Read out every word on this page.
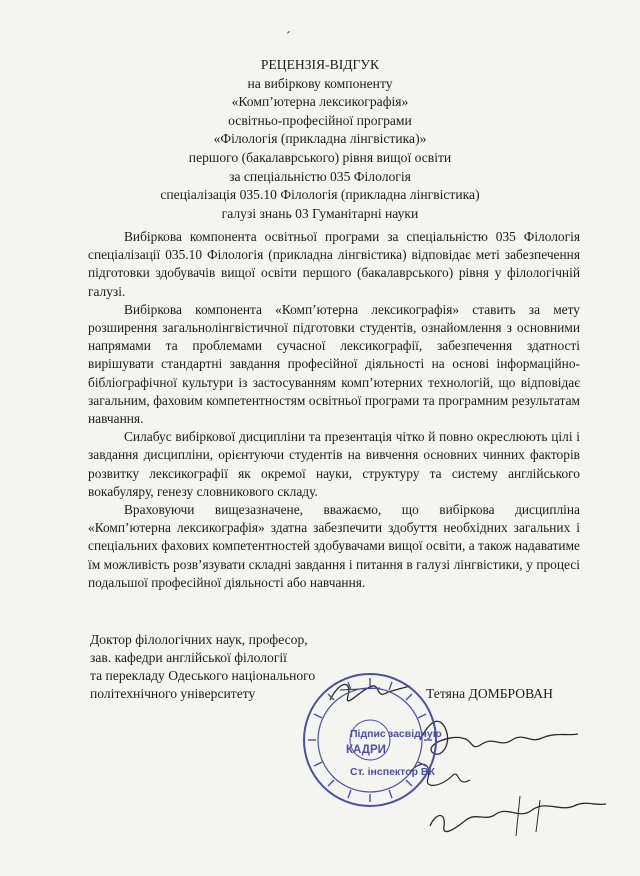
´
РЕЦЕНЗІЯ-ВІДГУК
на вибіркову компоненту
«Комп’ютерна лексикографія»
освітньо-професійної програми
«Філологія (прикладна лінгвістика)»
першого (бакалаврського) рівня вищої освіти
за спеціальністю 035 Філологія
спеціалізація 035.10 Філологія (прикладна лінгвістика)
галузі знань 03 Гуманітарні науки

Вибіркова компонента освітньої програми за спеціальністю 035 Філологія спеціалізації 035.10 Філологія (прикладна лінгвістика) відповідає меті забезпечення підготовки здобувачів вищої освіти першого (бакалаврського) рівня у філологічній галузі.

Вибіркова компонента «Комп’ютерна лексикографія» ставить за мету розширення загальнолінгвістичної підготовки студентів, ознайомлення з основними напрямами та проблемами сучасної лексикографії, забезпечення здатності вирішувати стандартні завдання професійної діяльності на основі інформаційно-бібліографічної культури із застосуванням комп’ютерних технологій, що відповідає загальним, фаховим компетентностям освітньої програми та програмним результатам навчання.

Силабус вибіркової дисципліни та презентація чітко й повно окреслюють цілі і завдання дисципліни, орієнтуючи студентів на вивчення основних чинних факторів розвитку лексикографії як окремої науки, структуру та систему англійського вокабуляру, генезу словникового складу.

Враховуючи вищезазначене, вважаємо, що вибіркова дисципліна «Комп’ютерна лексикографія» здатна забезпечити здобуття необхідних загальних і спеціальних фахових компетентностей здобувачами вищої освіти, а також надаватиме їм можливість розв’язувати складні завдання і питання в галузі лінгвістики, у процесі подальшої професійної діяльності або навчання.

Доктор філологічних наук, професор,
зав. кафедри англійської філології
та перекладу Одеського національного
політехнічного університету	Тетяна ДОМБРОВАН
Підпис засвідчую
КАДРИ
Ст. інспектор ВК
